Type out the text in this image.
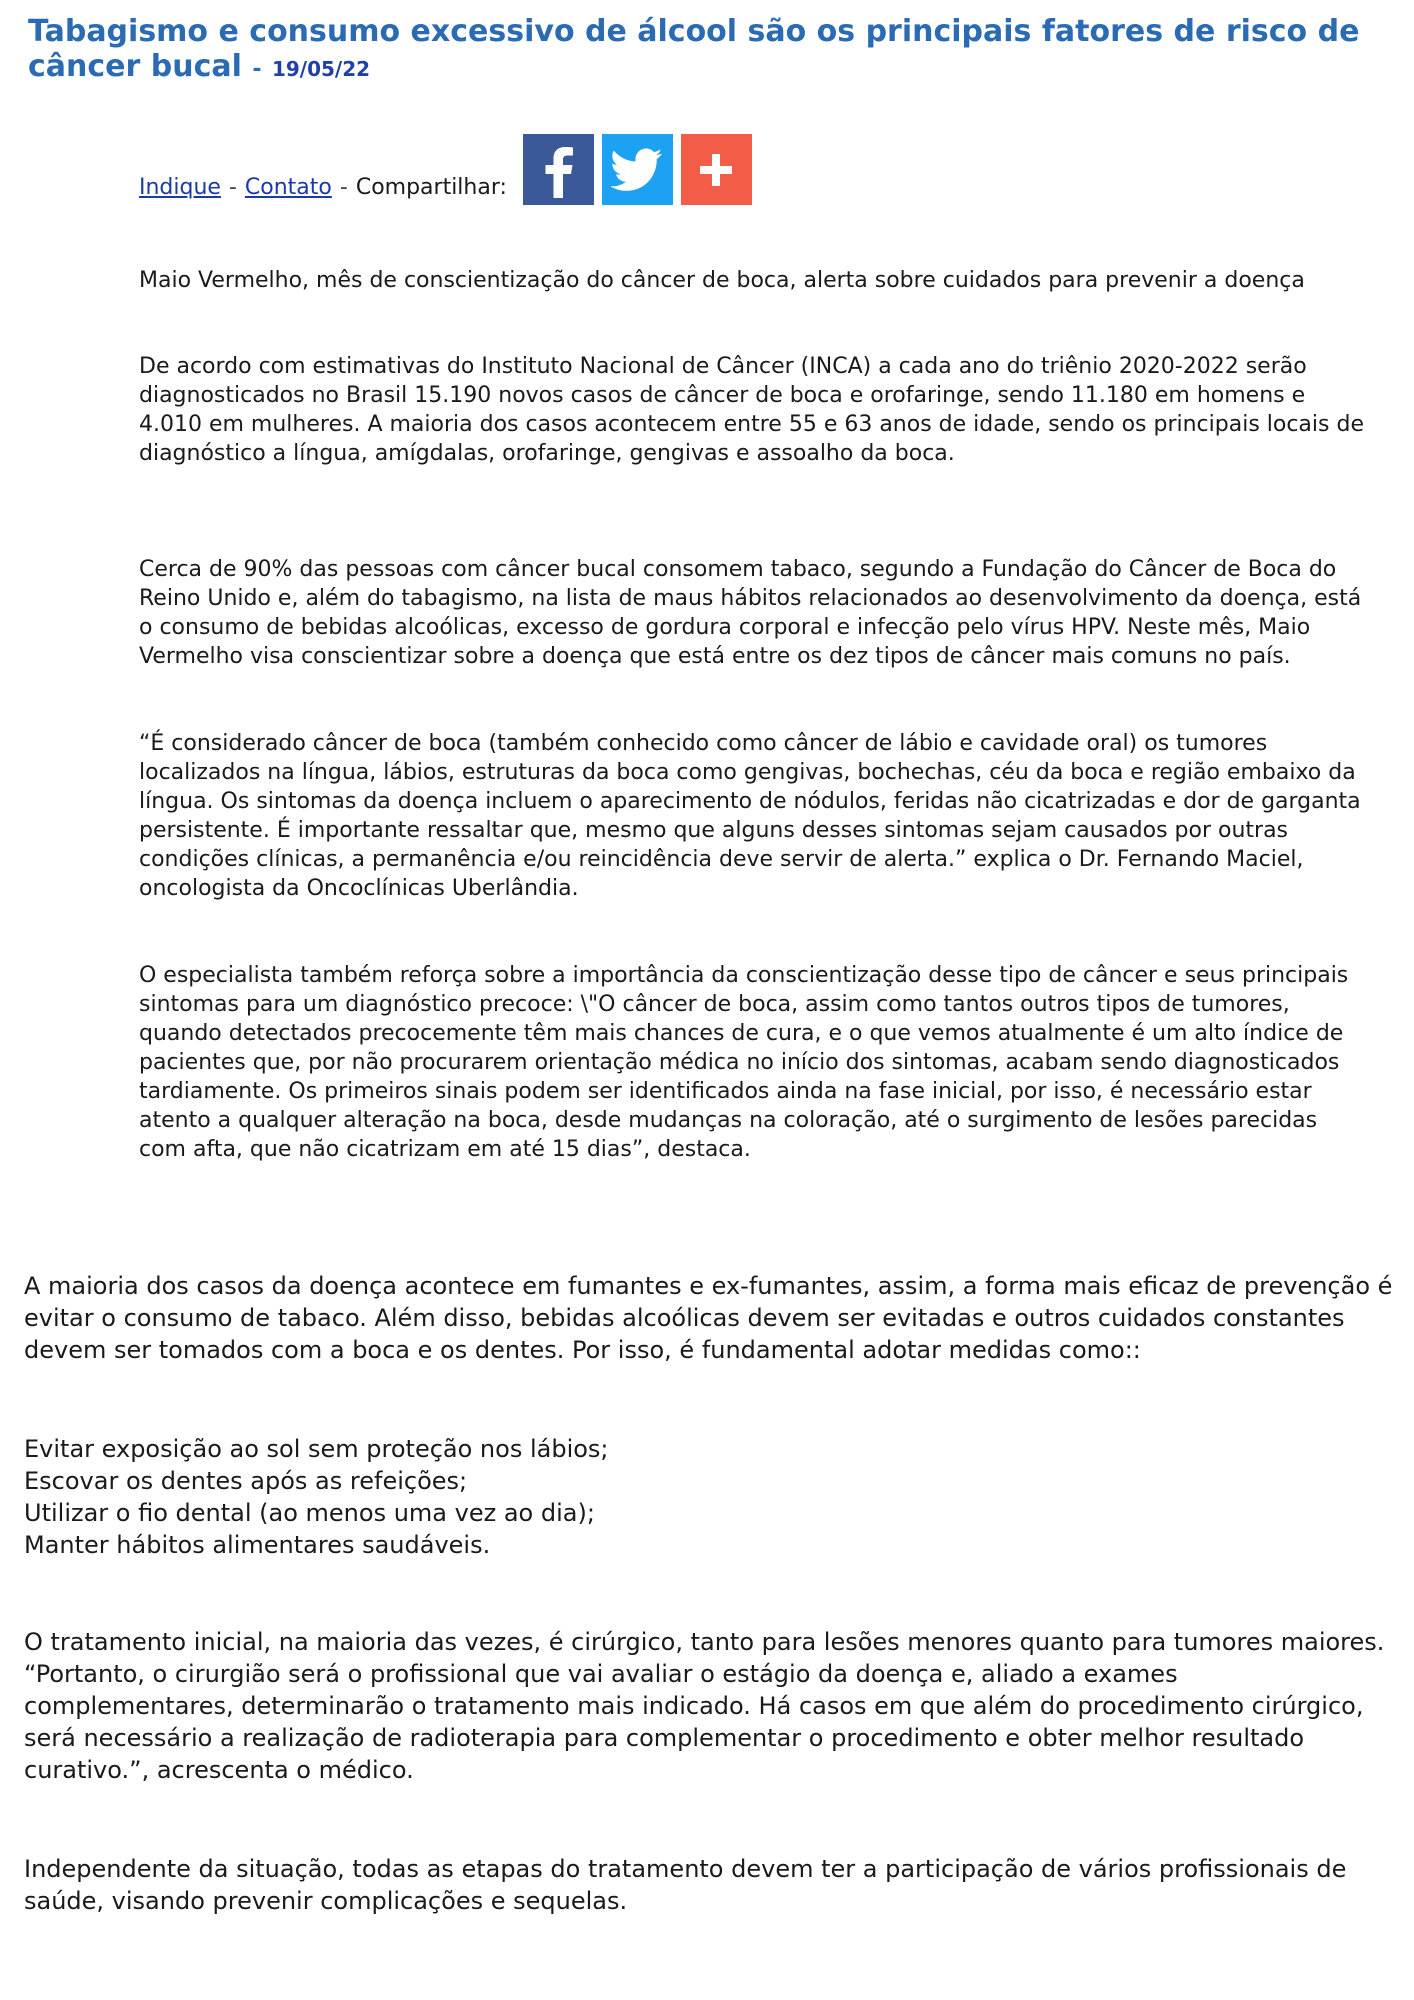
Tabagismo e consumo excessivo de álcool são os principais fatores de risco de câncer bucal - 19/05/22
Indique - Contato - Compartilhar:

Maio Vermelho, mês de conscientização do câncer de boca, alerta sobre cuidados para prevenir a doença

De acordo com estimativas do Instituto Nacional de Câncer (INCA) a cada ano do triênio 2020-2022 serão diagnosticados no Brasil 15.190 novos casos de câncer de boca e orofaringe, sendo 11.180 em homens e 4.010 em mulheres. A maioria dos casos acontecem entre 55 e 63 anos de idade, sendo os principais locais de diagnóstico a língua, amígdalas, orofaringe, gengivas e assoalho da boca.

Cerca de 90% das pessoas com câncer bucal consomem tabaco, segundo a Fundação do Câncer de Boca do Reino Unido e, além do tabagismo, na lista de maus hábitos relacionados ao desenvolvimento da doença, está o consumo de bebidas alcoólicas, excesso de gordura corporal e infecção pelo vírus HPV. Neste mês, Maio Vermelho visa conscientizar sobre a doença que está entre os dez tipos de câncer mais comuns no país.

“É considerado câncer de boca (também conhecido como câncer de lábio e cavidade oral) os tumores localizados na língua, lábios, estruturas da boca como gengivas, bochechas, céu da boca e região embaixo da língua. Os sintomas da doença incluem o aparecimento de nódulos, feridas não cicatrizadas e dor de garganta persistente. É importante ressaltar que, mesmo que alguns desses sintomas sejam causados por outras condições clínicas, a permanência e/ou reincidência deve servir de alerta.” explica o Dr. Fernando Maciel, oncologista da Oncoclínicas Uberlândia.

O especialista também reforça sobre a importância da conscientização desse tipo de câncer e seus principais sintomas para um diagnóstico precoce: \"O câncer de boca, assim como tantos outros tipos de tumores, quando detectados precocemente têm mais chances de cura, e o que vemos atualmente é um alto índice de pacientes que, por não procurarem orientação médica no início dos sintomas, acabam sendo diagnosticados tardiamente. Os primeiros sinais podem ser identificados ainda na fase inicial, por isso, é necessário estar atento a qualquer alteração na boca, desde mudanças na coloração, até o surgimento de lesões parecidas com afta, que não cicatrizam em até 15 dias”, destaca.

A maioria dos casos da doença acontece em fumantes e ex-fumantes, assim, a forma mais eficaz de prevenção é evitar o consumo de tabaco. Além disso, bebidas alcoólicas devem ser evitadas e outros cuidados constantes devem ser tomados com a boca e os dentes. Por isso, é fundamental adotar medidas como::

Evitar exposição ao sol sem proteção nos lábios;
Escovar os dentes após as refeições;
Utilizar o fio dental (ao menos uma vez ao dia);
Manter hábitos alimentares saudáveis.

O tratamento inicial, na maioria das vezes, é cirúrgico, tanto para lesões menores quanto para tumores maiores. “Portanto, o cirurgião será o profissional que vai avaliar o estágio da doença e, aliado a exames complementares, determinarão o tratamento mais indicado. Há casos em que além do procedimento cirúrgico, será necessário a realização de radioterapia para complementar o procedimento e obter melhor resultado curativo.”, acrescenta o médico.

Independente da situação, todas as etapas do tratamento devem ter a participação de vários profissionais de saúde, visando prevenir complicações e sequelas.
